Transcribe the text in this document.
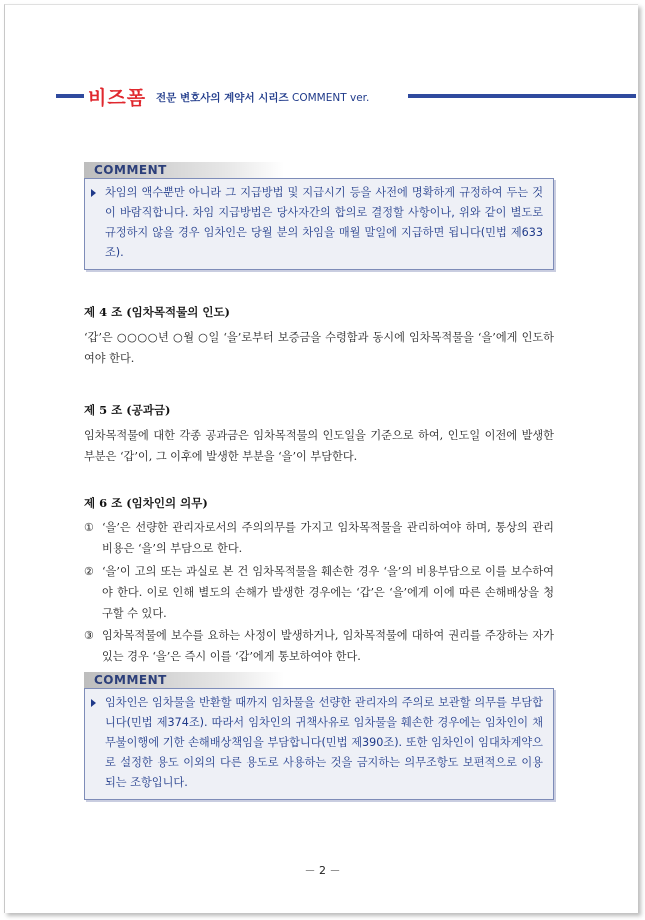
비즈폼 전문 변호사의 계약서 시리즈 COMMENT ver.
COMMENT
차임의 액수뿐만 아니라 그 지급방법 및 지급시기 등을 사전에 명확하게 규정하여 두는 것이 바람직합니다. 차임 지급방법은 당사자간의 합의로 결정할 사항이나, 위와 같이 별도로 규정하지 않을 경우 임차인은 당월 분의 차임을 매월 말일에 지급하면 됩니다(민법 제633조).
제 4 조 (임차목적물의 인도)
‘갑’은 ○○○○년 ○월 ○일 ‘을’로부터 보증금을 수령함과 동시에 임차목적물을 ‘을’에게 인도하여야 한다.
제 5 조 (공과금)
임차목적물에 대한 각종 공과금은 임차목적물의 인도일을 기준으로 하여, 인도일 이전에 발생한 부분은 ‘갑’이, 그 이후에 발생한 부분을 ‘을’이 부담한다.
제 6 조 (임차인의 의무)
① ‘을’은 선량한 관리자로서의 주의의무를 가지고 임차목적물을 관리하여야 하며, 통상의 관리비용은 ‘을’의 부담으로 한다.
② ‘을’이 고의 또는 과실로 본 건 임차목적물을 훼손한 경우 ‘을’의 비용부담으로 이를 보수하여야 한다. 이로 인해 별도의 손해가 발생한 경우에는 ‘갑’은 ‘을’에게 이에 따른 손해배상을 청구할 수 있다.
③ 임차목적물에 보수를 요하는 사정이 발생하거나, 임차목적물에 대하여 권리를 주장하는 자가 있는 경우 ‘을’은 즉시 이를 ‘갑’에게 통보하여야 한다.
COMMENT
임차인은 임차물을 반환할 때까지 임차물을 선량한 관리자의 주의로 보관할 의무를 부담합니다(민법 제374조). 따라서 임차인의 귀책사유로 임차물을 훼손한 경우에는 임차인이 채무불이행에 기한 손해배상책임을 부담합니다(민법 제390조). 또한 임차인이 임대차계약으로 설정한 용도 이외의 다른 용도로 사용하는 것을 금지하는 의무조항도 보편적으로 이용되는 조항입니다.
－ 2 －
